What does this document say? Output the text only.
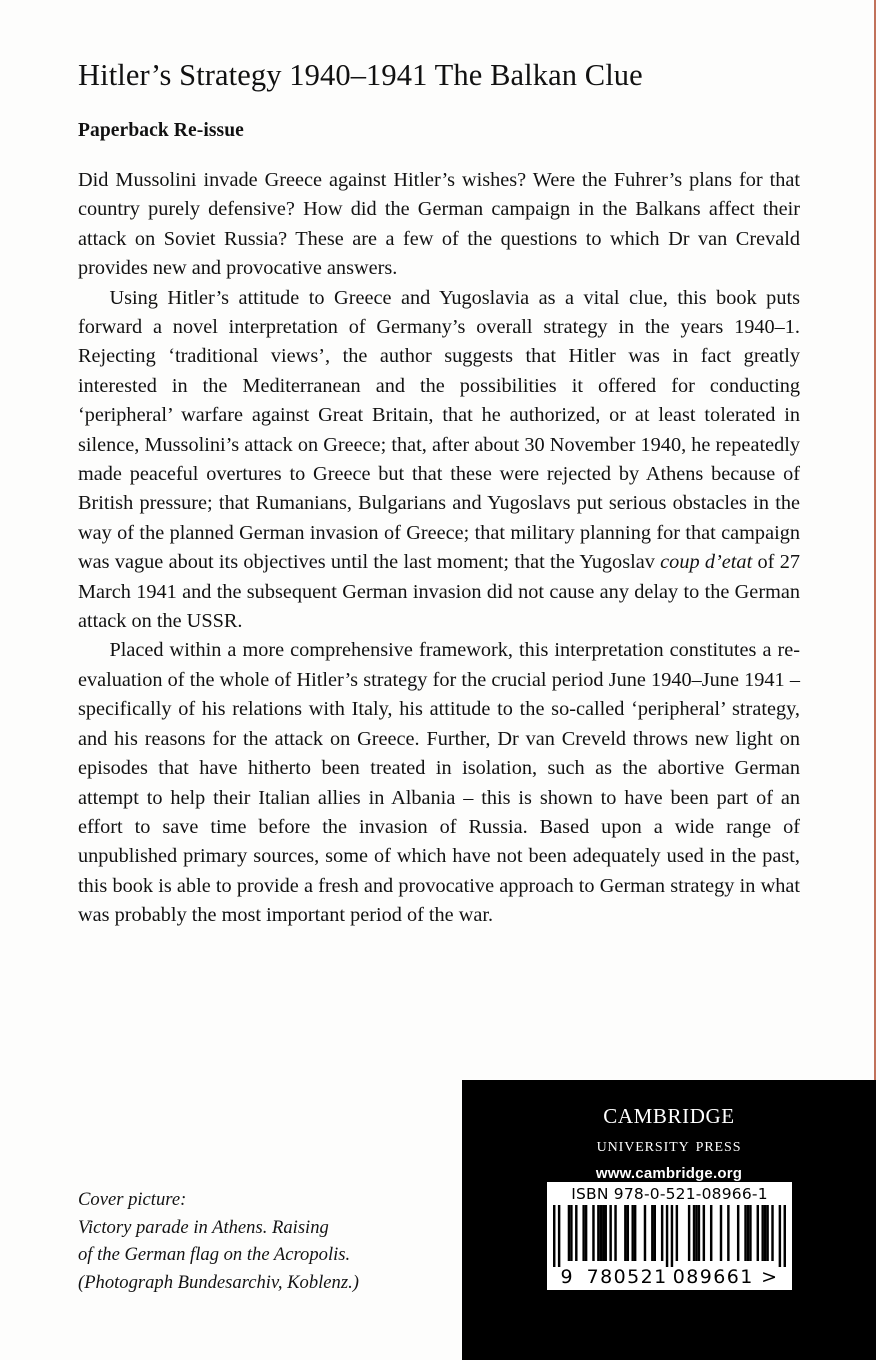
Hitler’s Strategy 1940–1941 The Balkan Clue
Paperback Re-issue

Did Mussolini invade Greece against Hitler’s wishes? Were the Fuhrer’s plans for that country purely defensive? How did the German campaign in the Balkans affect their attack on Soviet Russia? These are a few of the questions to which Dr van Crevald provides new and provocative answers.

Using Hitler’s attitude to Greece and Yugoslavia as a vital clue, this book puts forward a novel interpretation of Germany’s overall strategy in the years 1940–1. Rejecting ‘traditional views’, the author suggests that Hitler was in fact greatly interested in the Mediterranean and the possibilities it offered for conducting ‘peripheral’ warfare against Great Britain, that he authorized, or at least tolerated in silence, Mussolini’s attack on Greece; that, after about 30 November 1940, he repeatedly made peaceful overtures to Greece but that these were rejected by Athens because of British pressure; that Rumanians, Bulgarians and Yugoslavs put serious obstacles in the way of the planned German invasion of Greece; that military planning for that campaign was vague about its objectives until the last moment; that the Yugoslav coup d’etat of 27 March 1941 and the subsequent German invasion did not cause any delay to the German attack on the USSR.

Placed within a more comprehensive framework, this interpretation constitutes a re-evaluation of the whole of Hitler’s strategy for the crucial period June 1940–June 1941 – specifically of his relations with Italy, his attitude to the so-called ‘peripheral’ strategy, and his reasons for the attack on Greece. Further, Dr van Creveld throws new light on episodes that have hitherto been treated in isolation, such as the abortive German attempt to help their Italian allies in Albania – this is shown to have been part of an effort to save time before the invasion of Russia. Based upon a wide range of unpublished primary sources, some of which have not been adequately used in the past, this book is able to provide a fresh and provocative approach to German strategy in what was probably the most important period of the war.

Cover picture:
Victory parade in Athens. Raising
of the German flag on the Acropolis.
(Photograph Bundesarchiv, Koblenz.)
cambridge
university press
www.cambridge.org
ISBN 978-0-521-08966-1
9  780521 089661 >
